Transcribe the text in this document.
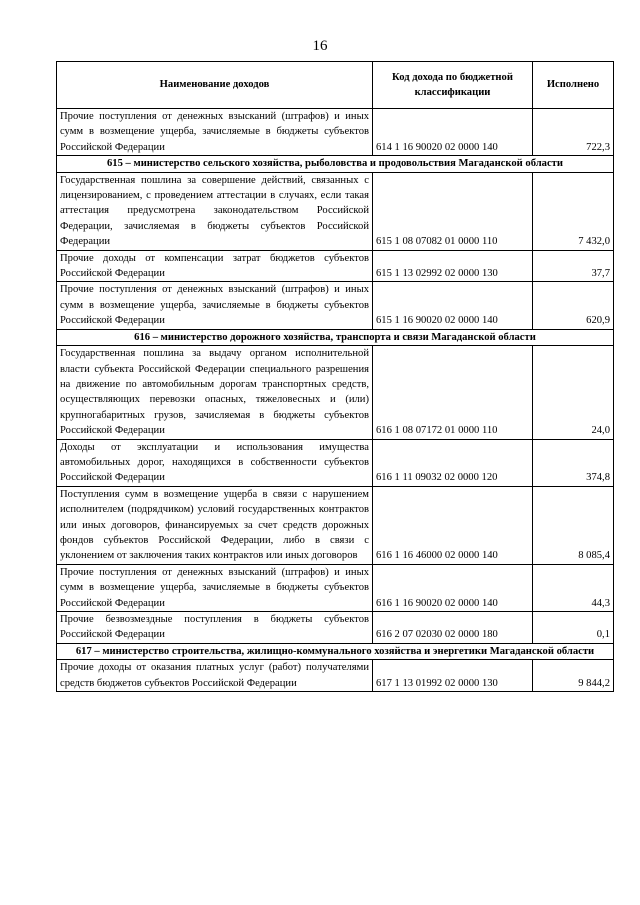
16
Наименование доходов	Код дохода по бюджетной классификации	Исполнено
Прочие поступления от денежных взысканий (штрафов) и иных сумм в возмещение ущерба, зачисляемые в бюджеты субъектов Российской Федерации	614 1 16 90020 02 0000 140	722,3
615 – министерство сельского хозяйства, рыболовства и продовольствия Магаданской области		
Государственная пошлина за совершение действий, связанных с лицензированием, с проведением аттестации в случаях, если такая аттестация предусмотрена законодательством Российской Федерации, зачисляемая в бюджеты субъектов Российской Федерации	615 1 08 07082 01 0000 110	7 432,0
Прочие доходы от компенсации затрат бюджетов субъектов Российской Федерации	615 1 13 02992 02 0000 130	37,7
Прочие поступления от денежных взысканий (штрафов) и иных сумм в возмещение ущерба, зачисляемые в бюджеты субъектов Российской Федерации	615 1 16 90020 02 0000 140	620,9
616 – министерство дорожного хозяйства, транспорта и связи Магаданской области		
Государственная пошлина за выдачу органом исполнительной власти субъекта Российской Федерации специального разрешения на движение по автомобильным дорогам транспортных средств, осуществляющих перевозки опасных, тяжеловесных и (или) крупногабаритных грузов, зачисляемая в бюджеты субъектов Российской Федерации	616 1 08 07172 01 0000 110	24,0
Доходы от эксплуатации и использования имущества автомобильных дорог, находящихся в собственности субъектов Российской Федерации	616 1 11 09032 02 0000 120	374,8
Поступления сумм в возмещение ущерба в связи с нарушением исполнителем (подрядчиком) условий государственных контрактов или иных договоров, финансируемых за счет средств дорожных фондов субъектов Российской Федерации, либо в связи с уклонением от заключения таких контрактов или иных договоров	616 1 16 46000 02 0000 140	8 085,4
Прочие поступления от денежных взысканий (штрафов) и иных сумм в возмещение ущерба, зачисляемые в бюджеты субъектов Российской Федерации	616 1 16 90020 02 0000 140	44,3
Прочие безвозмездные поступления в бюджеты субъектов Российской Федерации	616 2 07 02030 02 0000 180	0,1
617 – министерство строительства, жилищно-коммунального хозяйства и энергетики Магаданской области		
Прочие доходы от оказания платных услуг (работ) получателями средств бюджетов субъектов Российской Федерации	617 1 13 01992 02 0000 130	9 844,2
